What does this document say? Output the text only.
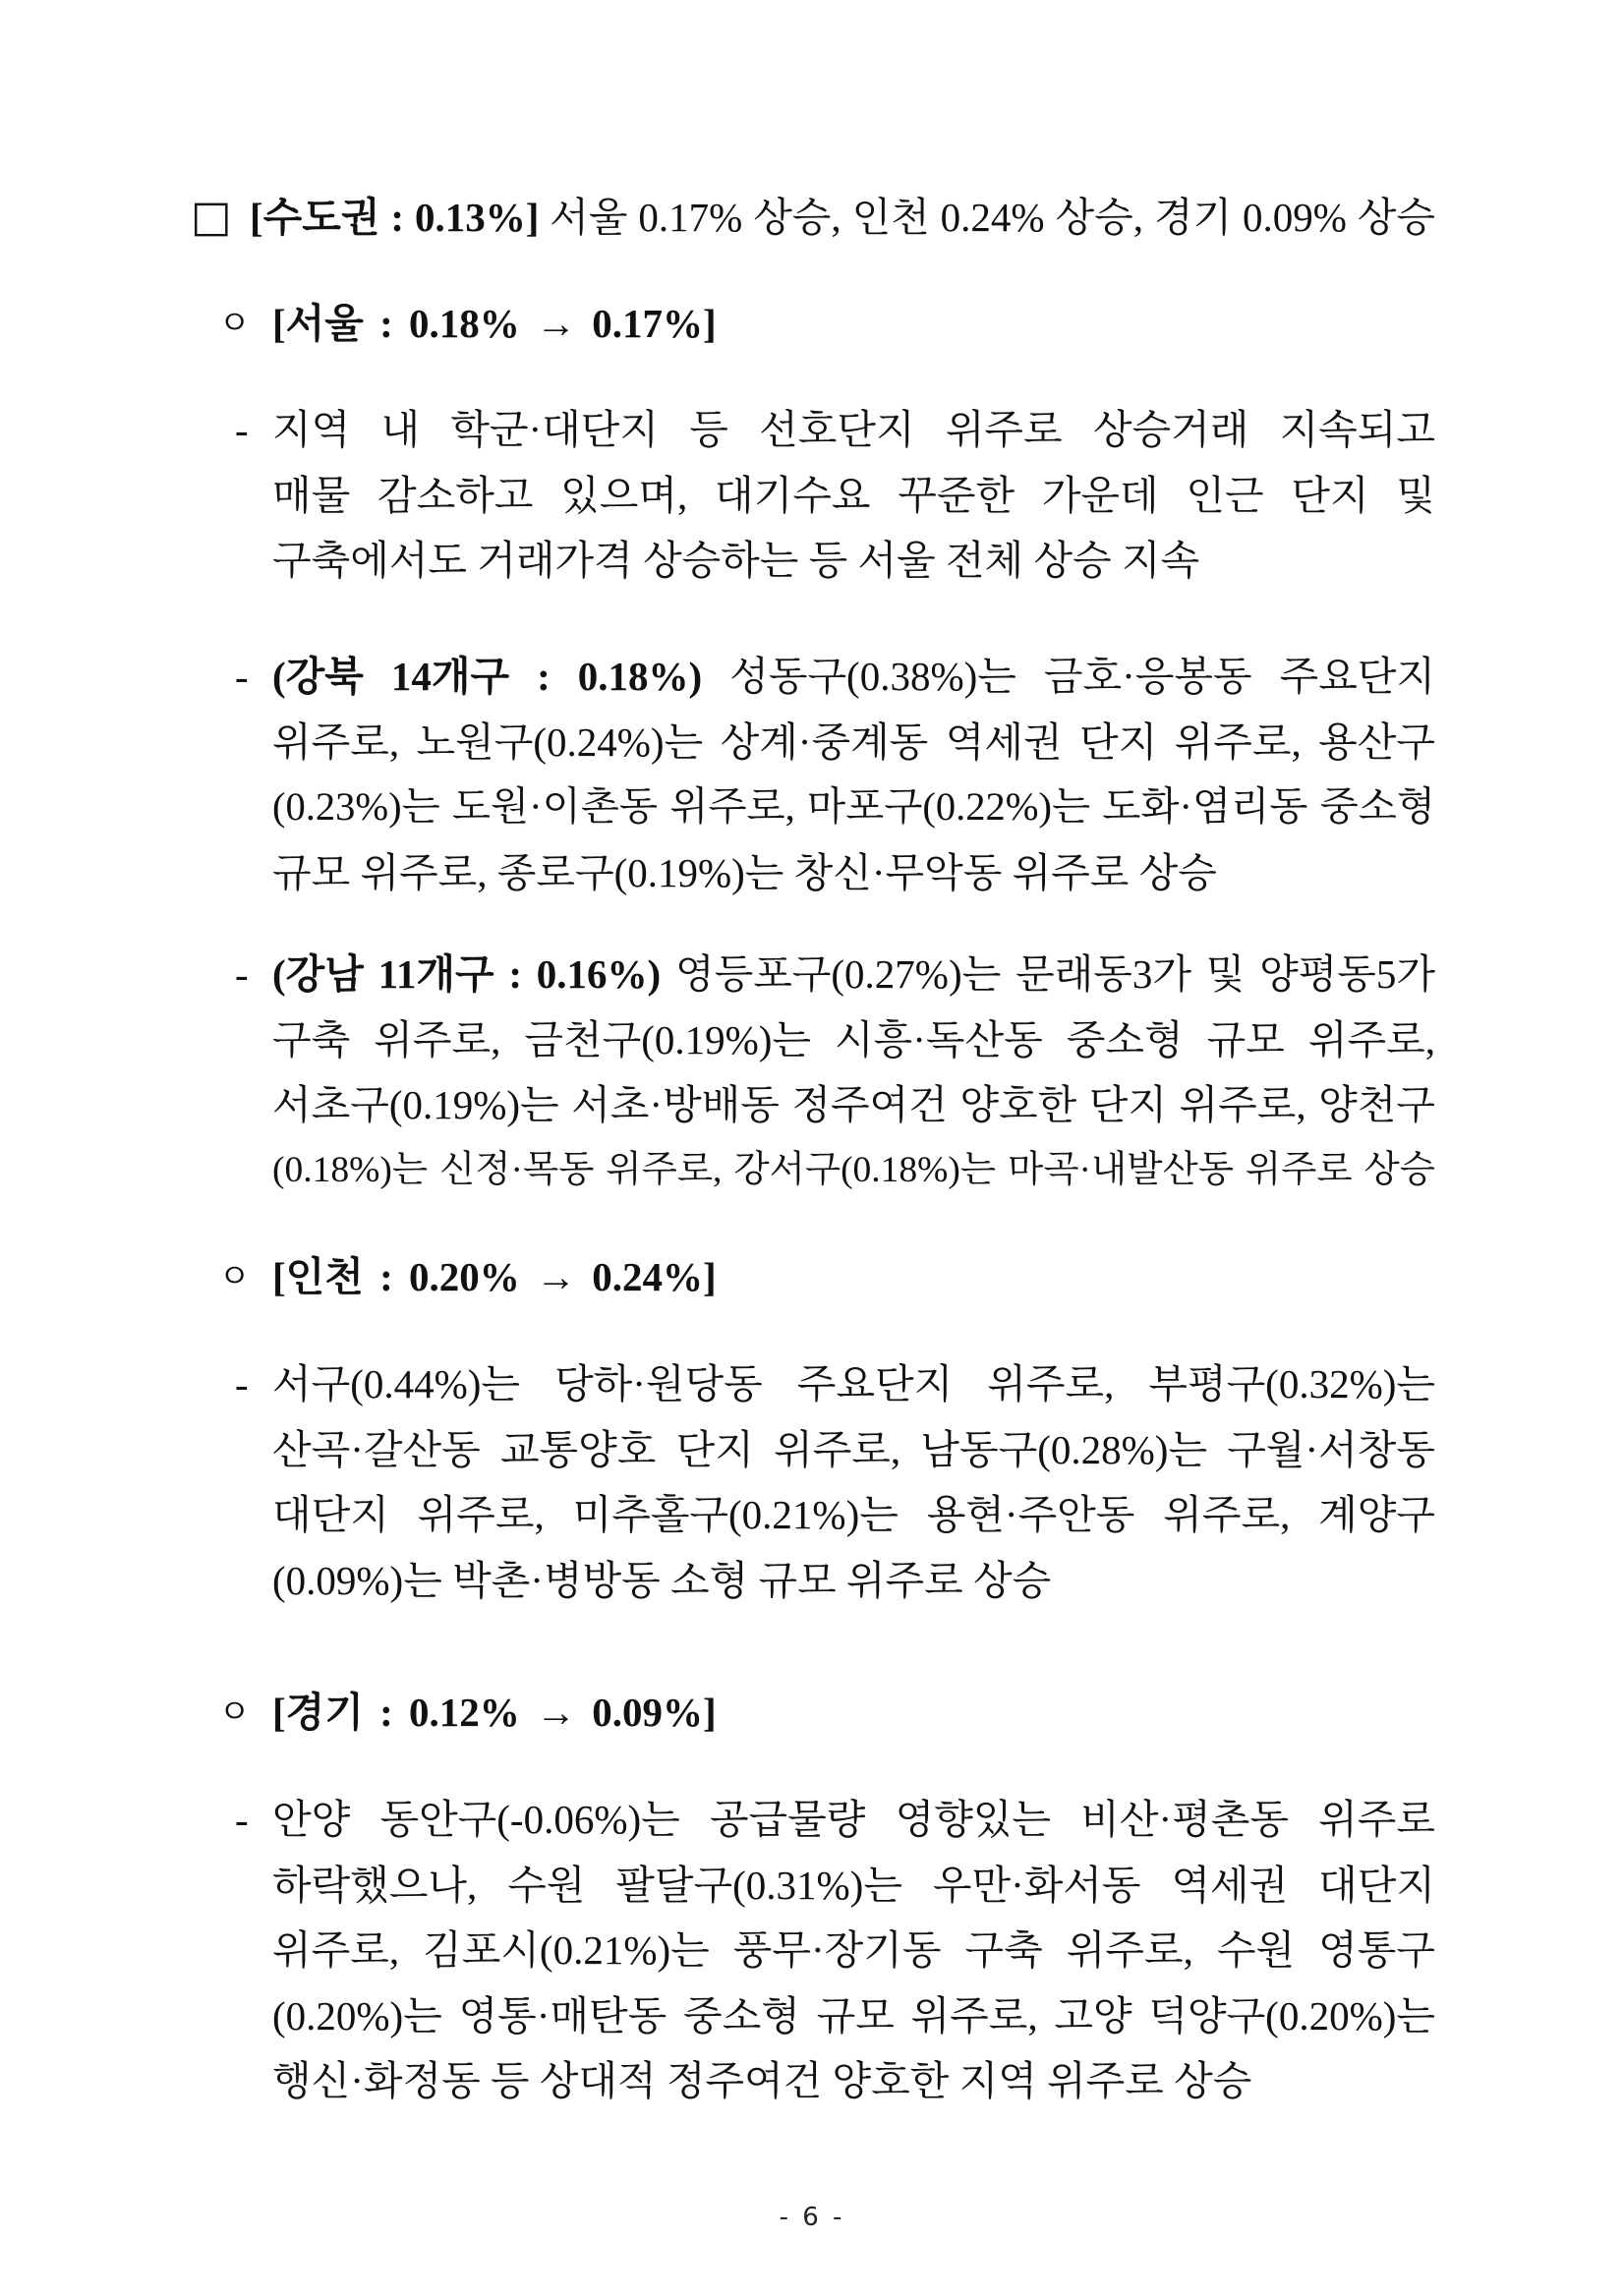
□ [수도권 : 0.13%] 서울 0.17% 상승, 인천 0.24% 상승, 경기 0.09% 상승
ㅇ [서울 : 0.18% → 0.17%]
- 지역 내 학군·대단지 등 선호단지 위주로 상승거래 지속되고
매물 감소하고 있으며, 대기수요 꾸준한 가운데 인근 단지 및
구축에서도 거래가격 상승하는 등 서울 전체 상승 지속
- (강북 14개구 : 0.18%) 성동구(0.38%)는 금호·응봉동 주요단지
위주로, 노원구(0.24%)는 상계·중계동 역세권 단지 위주로, 용산구
(0.23%)는 도원·이촌동 위주로, 마포구(0.22%)는 도화·염리동 중소형
규모 위주로, 종로구(0.19%)는 창신·무악동 위주로 상승
- (강남 11개구 : 0.16%) 영등포구(0.27%)는 문래동3가 및 양평동5가
구축 위주로, 금천구(0.19%)는 시흥·독산동 중소형 규모 위주로,
서초구(0.19%)는 서초·방배동 정주여건 양호한 단지 위주로, 양천구
(0.18%)는 신정·목동 위주로, 강서구(0.18%)는 마곡·내발산동 위주로 상승
ㅇ [인천 : 0.20% → 0.24%]
- 서구(0.44%)는 당하·원당동 주요단지 위주로, 부평구(0.32%)는
산곡·갈산동 교통양호 단지 위주로, 남동구(0.28%)는 구월·서창동
대단지 위주로, 미추홀구(0.21%)는 용현·주안동 위주로, 계양구
(0.09%)는 박촌·병방동 소형 규모 위주로 상승
ㅇ [경기 : 0.12% → 0.09%]
- 안양 동안구(-0.06%)는 공급물량 영향있는 비산·평촌동 위주로
하락했으나, 수원 팔달구(0.31%)는 우만·화서동 역세권 대단지
위주로, 김포시(0.21%)는 풍무·장기동 구축 위주로, 수원 영통구
(0.20%)는 영통·매탄동 중소형 규모 위주로, 고양 덕양구(0.20%)는
행신·화정동 등 상대적 정주여건 양호한 지역 위주로 상승
- 6 -
